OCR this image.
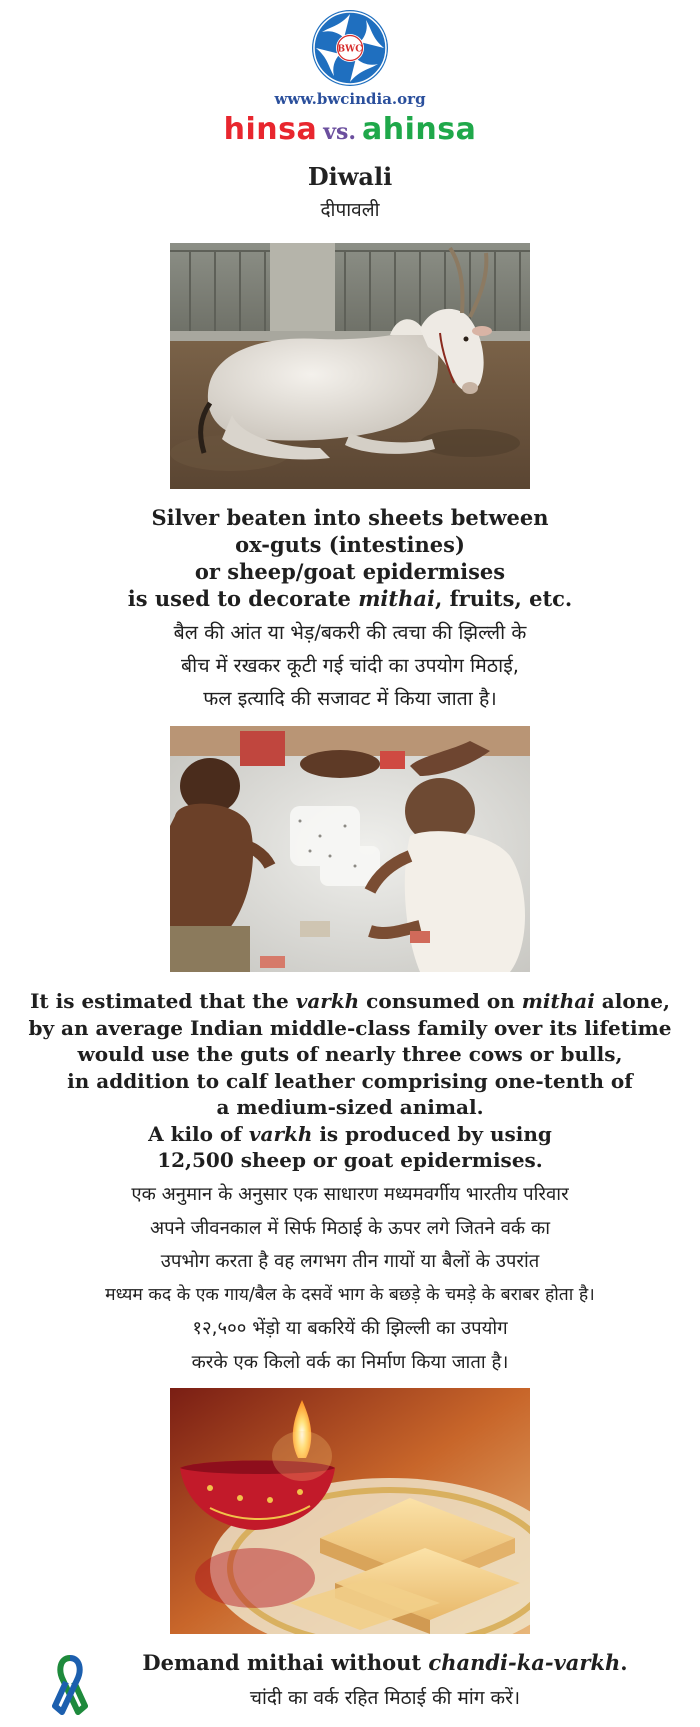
BWC
www.bwcindia.org
hinsa vs. ahinsa
Diwali
दीपावली
Silver beaten into sheets between
ox-guts (intestines)
or sheep/goat epidermises
is used to decorate mithai, fruits, etc.
बैल की आंत या भेड़/बकरी की त्वचा की झिल्ली के
बीच में रखकर कूटी गई चांदी का उपयोग मिठाई,
फल इत्यादि की सजावट में किया जाता है।
It is estimated that the varkh consumed on mithai alone,
by an average Indian middle-class family over its lifetime
would use the guts of nearly three cows or bulls,
in addition to calf leather comprising one-tenth of
a medium-sized animal.
A kilo of varkh is produced by using
12,500 sheep or goat epidermises.
एक अनुमान के अनुसार एक साधारण मध्यमवर्गीय भारतीय परिवार
अपने जीवनकाल में सिर्फ मिठाई के ऊपर लगे जितने वर्क का
उपभोग करता है वह लगभग तीन गायों या बैलों के उपरांत
मध्यम कद के एक गाय/बैल के दसवें भाग के बछड़े के चमड़े के बराबर होता है।
१२,५०० भेंड़ो या बकरियें की झिल्ली का उपयोग
करके एक किलो वर्क का निर्माण किया जाता है।
Demand mithai without chandi-ka-varkh.
चांदी का वर्क रहित मिठाई की मांग करें।
